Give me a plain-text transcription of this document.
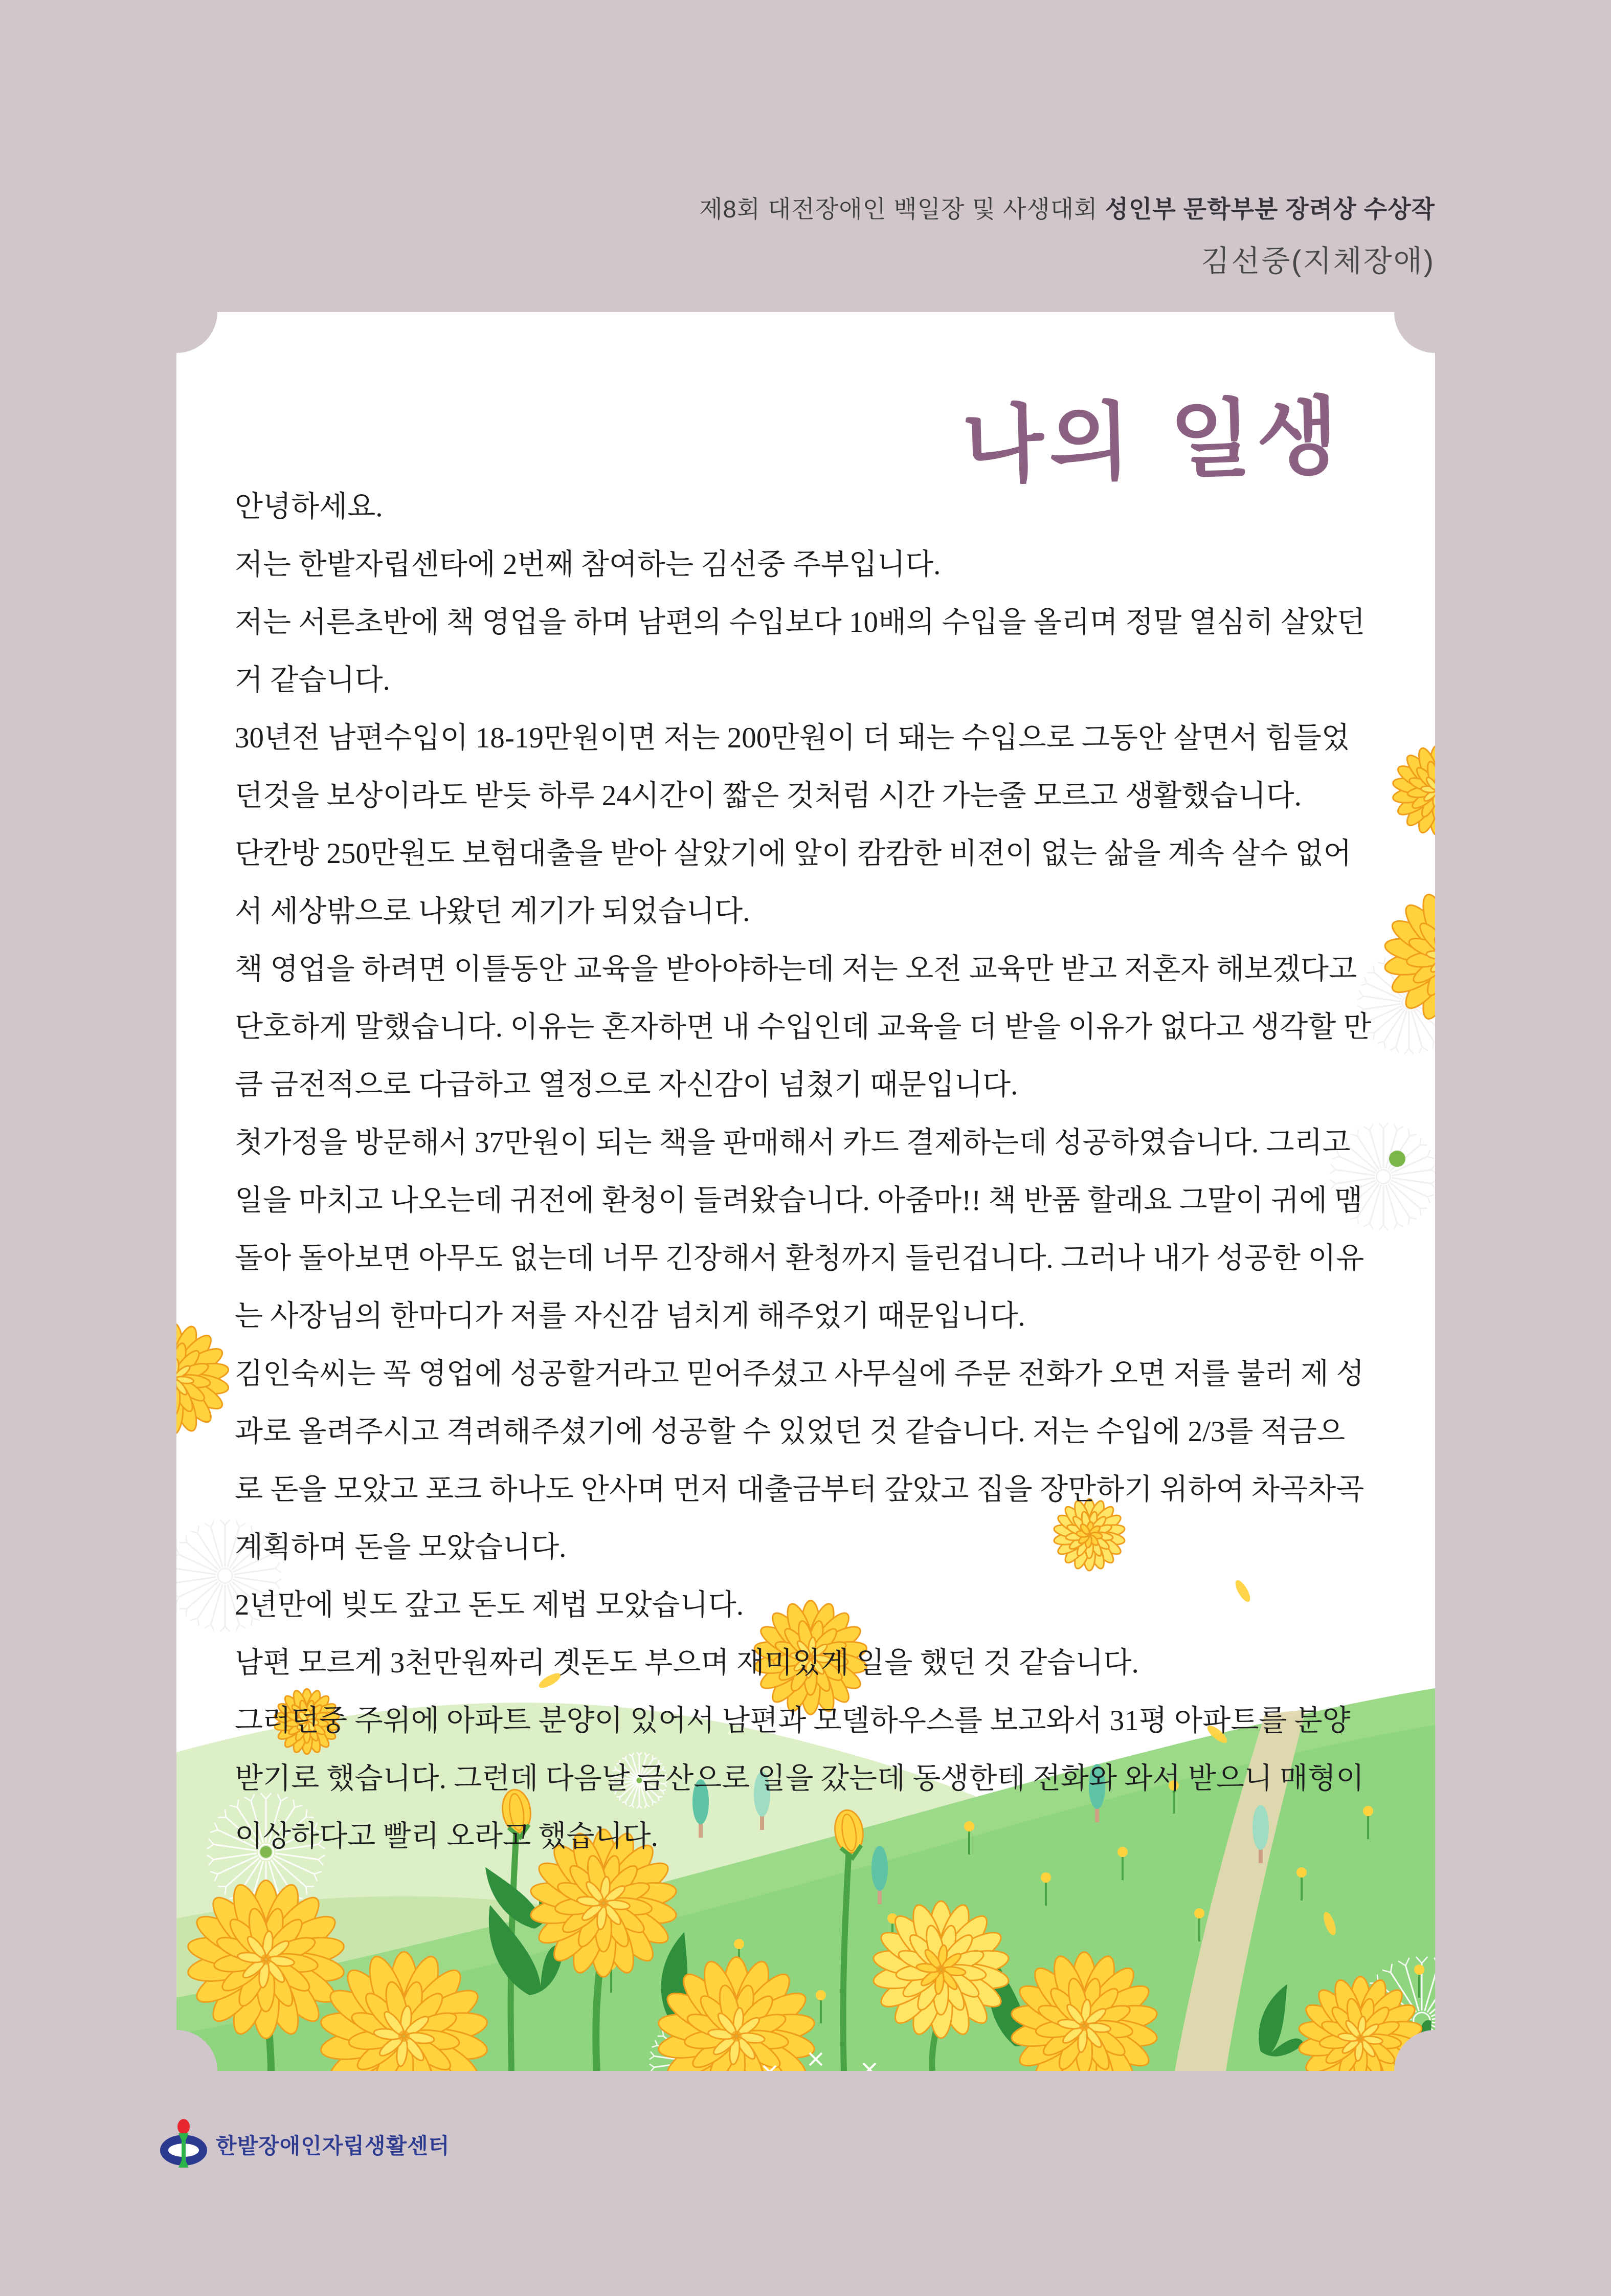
제8회 대전장애인 백일장 및 사생대회 성인부 문학부분 장려상 수상작
김선중(지체장애)
나의 일생
안녕하세요.
저는 한밭자립센타에 2번째 참여하는 김선중 주부입니다.
저는 서른초반에 책 영업을 하며 남편의 수입보다 10배의 수입을 올리며 정말 열심히 살았던
거 같습니다.
30년전 남편수입이 18-19만원이면 저는 200만원이 더 돼는 수입으로 그동안 살면서 힘들었
던것을 보상이라도 받듯 하루 24시간이 짧은 것처럼 시간 가는줄 모르고 생활했습니다.
단칸방 250만원도 보험대출을 받아 살았기에 앞이 캄캄한 비젼이 없는 삶을 계속 살수 없어
서 세상밖으로 나왔던 계기가 되었습니다.
책 영업을 하려면 이틀동안 교육을 받아야하는데 저는 오전 교육만 받고 저혼자 해보겠다고
단호하게 말했습니다. 이유는 혼자하면 내 수입인데 교육을 더 받을 이유가 없다고 생각할 만
큼 금전적으로 다급하고 열정으로 자신감이 넘쳤기 때문입니다.
첫가정을 방문해서 37만원이 되는 책을 판매해서 카드 결제하는데 성공하였습니다. 그리고
일을 마치고 나오는데 귀전에 환청이 들려왔습니다. 아줌마!! 책 반품 할래요 그말이 귀에 맴
돌아 돌아보면 아무도 없는데 너무 긴장해서 환청까지 들린겁니다. 그러나 내가 성공한 이유
는 사장님의 한마디가 저를 자신감 넘치게 해주었기 때문입니다.
김인숙씨는 꼭 영업에 성공할거라고 믿어주셨고 사무실에 주문 전화가 오면 저를 불러 제 성
과로 올려주시고 격려해주셨기에 성공할 수 있었던 것 같습니다. 저는 수입에 2/3를 적금으
로 돈을 모았고 포크 하나도 안사며 먼저 대출금부터 갚았고 집을 장만하기 위하여 차곡차곡
계획하며 돈을 모았습니다.
2년만에 빚도 갚고 돈도 제법 모았습니다.
남편 모르게 3천만원짜리 곗돈도 부으며 재미있게 일을 했던 것 같습니다.
그러던중 주위에 아파트 분양이 있어서 남편과 모델하우스를 보고와서 31평 아파트를 분양
받기로 했습니다. 그런데 다음날 금산으로 일을 갔는데 동생한테 전화와 와서 받으니 매형이
이상하다고 빨리 오라고 했습니다.
한밭장애인자립생활센터
